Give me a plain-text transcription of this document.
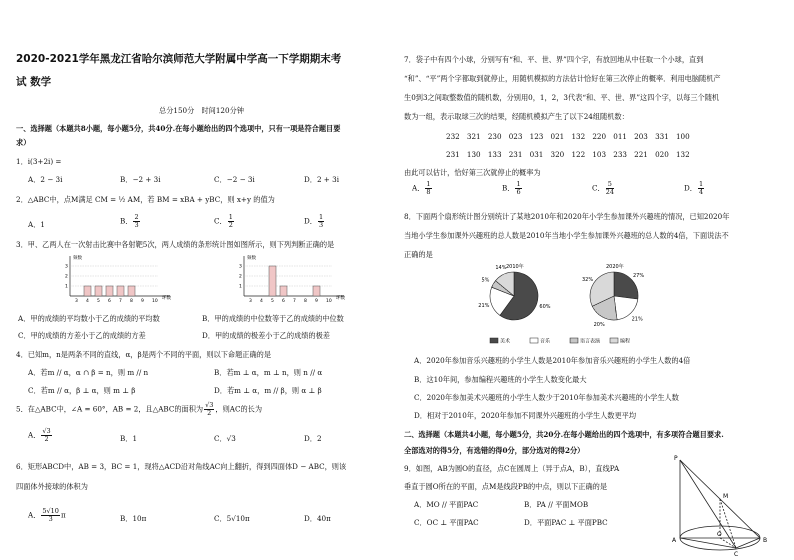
2020-2021学年黑龙江省哈尔滨师范大学附属中学高一下学期期末考
试 数学
总分150分　时间120分钟
一、选择题（本题共8小题，每小题5分，共40分.在每小题给出的四个选项中，只有一项是符合题目要
求）
1．i(3+2i) =
A．2 − 3i	B．−2 + 3i	C．−2 − 3i	D．2 + 3i
2．△ABC中，点M满足 CM = ½ AM，若 BM = xBA + yBC，则 x+y 的值为
A．1	B． $\frac{2}{3}$	C． $\frac{1}{2}$	D． $\frac{1}{3}$
3．甲、乙两人在一次射击比赛中各射靶5次，两人成绩的条形统计图如图所示，则下列判断正确的是
频数
环数
1
2
3
3 4 5 6 7 8 9 10
频数
环数
1
2
3
3 4 5 6 7 8 9 10
A．甲的成绩的平均数小于乙的成绩的平均数	B．甲的成绩的中位数等于乙的成绩的中位数
C．甲的成绩的方差小于乙的成绩的方差	D．甲的成绩的极差小于乙的成绩的极差
4．已知m，n是两条不同的直线，α，β是两个不同的平面，则以下命题正确的是
A．若m // α，α ∩ β = n，则 m // n	B．若m ⊥ α，m ⊥ n，则 n // α
C．若m // α，β ⊥ α，则 m ⊥ β	D．若m ⊥ α，m // β，则 α ⊥ β
5．在△ABC中，∠A = 60°，AB = 2，且△ABC的面积为 $\frac{√3}{2}$ ，则AC的长为
A． $\frac{√3}{2}$	B．1	C．√3	D．2
6．矩形ABCD中，AB = 3，BC = 1，现将△ACD沿对角线AC向上翻折，得到四面体D − ABC，则该
四面体外接球的体积为
A． $\frac{5√10}{3}$ π	B．10π	C．5√10π	D．40π
7．袋子中有四个小球，分别写有“和、平、世、界”四个字，有放回地从中任取一个小球，直到
“和”、“平”两个字都取到就停止，用随机模拟的方法估计恰好在第三次停止的概率．利用电脑随机产
生0到3之间取整数值的随机数，分别用0，1，2，3代表“和、平、世、界”这四个字，以每三个随机
数为一组，表示取球三次的结果，经随机模拟产生了以下24组随机数：
232　321　230　023　123　021　132　220　011　203　331　100
231　130　133　231　031　320　122　103　233　221　020　132
由此可以估计，恰好第三次就停止的概率为
A． $\frac{1}{8}$	B． $\frac{1}{6}$	C． $\frac{5}{24}$	D． $\frac{1}{4}$
8．下面两个扇形统计图分别统计了某地2010年和2020年小学生参加课外兴趣班的情况，已知2020年
当地小学生参加课外兴趣班的总人数是2010年当地小学生参加课外兴趣班的总人数的4倍，下面说法不
正确的是
60%
21%
5%
14% 2010年
27%
21%
20%
32%
2020年
美术	音乐	语言表演	编程
A．2020年参加音乐兴趣班的小学生人数是2010年参加音乐兴趣班的小学生人数的4倍
B．这10年间，参加编程兴趣班的小学生人数变化最大
C．2020年参加美术兴趣班的小学生人数少于2010年参加美术兴趣班的小学生人数
D．相对于2010年，2020年参加不同课外兴趣班的小学生人数更平均
二、选择题（本题共4小题，每小题5分，共20分.在每小题给出的四个选项中，有多项符合题目要求.
全部选对的得5分，有选错的得0分，部分选对的得2分）
9．如图，AB为圆O的直径，点C在圆周上（异于点A，B），直线PA
垂直于圆O所在的平面，点M是线段PB的中点，则以下正确的是
A．MO // 平面PAC	B．PA // 平面MOB
C．OC ⊥ 平面PAC	D．平面PAC ⊥ 平面PBC
P
M
A
O
B
C
